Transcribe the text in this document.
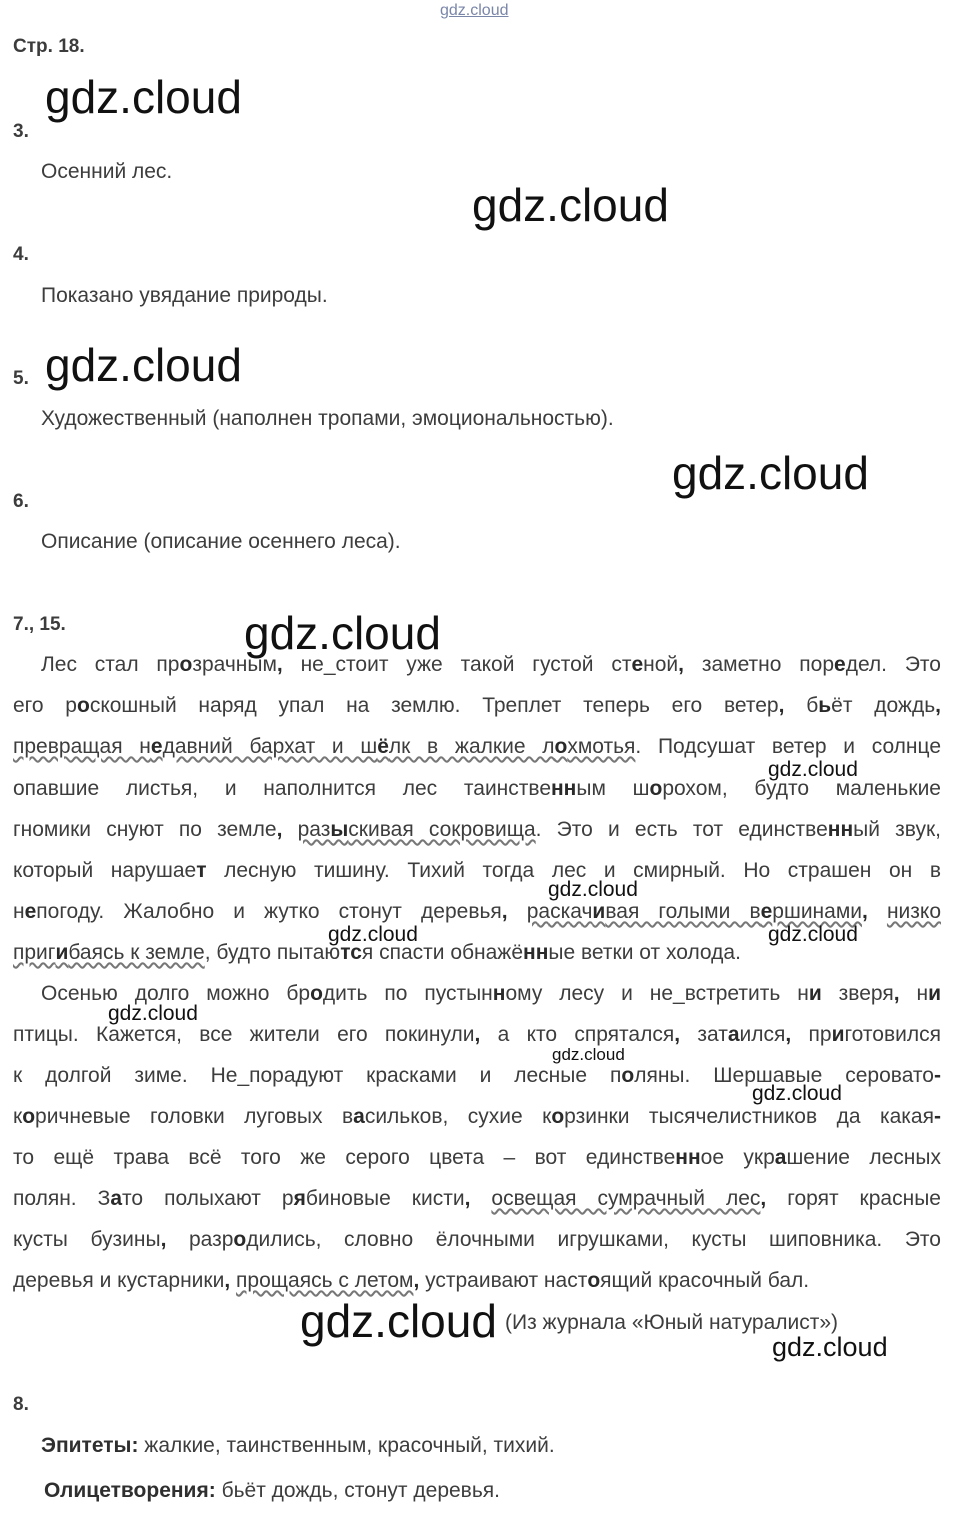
gdz.cloud
Стр. 18.
3.
Осенний лес.
4.
Показано увядание природы.
5.
Художественный (наполнен тропами, эмоциональностью).
6.
Описание (описание осеннего леса).
7., 15.
Лес стал прозрачным, не_стоит уже такой густой стеной, заметно поредел. Это
его роскошный наряд упал на землю. Треплет теперь его ветер, бьёт дождь,
превращая недавний бархат и шёлк в жалкие лохмотья. Подсушат ветер и солнце
опавшие листья, и наполнится лес таинственным шорохом, будто маленькие
гномики снуют по земле, разыскивая сокровища. Это и есть тот единственный звук,
который нарушает лесную тишину. Тихий тогда лес и смирный. Но страшен он в
непогоду. Жалобно и жутко стонут деревья, раскачивая голыми вершинами, низко
пригибаясь к земле, будто пытаются спасти обнажённые ветки от холода.
Осенью долго можно бродить по пустынному лесу и не_встретить ни зверя, ни
птицы. Кажется, все жители его покинули, а кто спрятался, затаился, приготовился
к долгой зиме. Не_порадуют красками и лесные поляны. Шершавые серовато-
коричневые головки луговых васильков, сухие корзинки тысячелистников да какая-
то ещё трава всё того же серого цвета – вот единственное украшение лесных
полян. Зато полыхают рябиновые кисти, освещая сумрачный лес, горят красные
кусты бузины, разродились, словно ёлочными игрушками, кусты шиповника. Это
деревья и кустарники, прощаясь с летом, устраивают настоящий красочный бал.
(Из журнала «Юный натуралист»)
8.
Эпитеты: жалкие, таинственным, красочный, тихий.
Олицетворения: бьёт дождь, стонут деревья.
gdz.cloud
gdz.cloud
gdz.cloud
gdz.cloud
gdz.cloud
gdz.cloud
gdz.cloud
gdz.cloud	gdz.cloud
gdz.cloud
gdz.cloud
gdz.cloud
gdz.cloud	gdz.cloud
